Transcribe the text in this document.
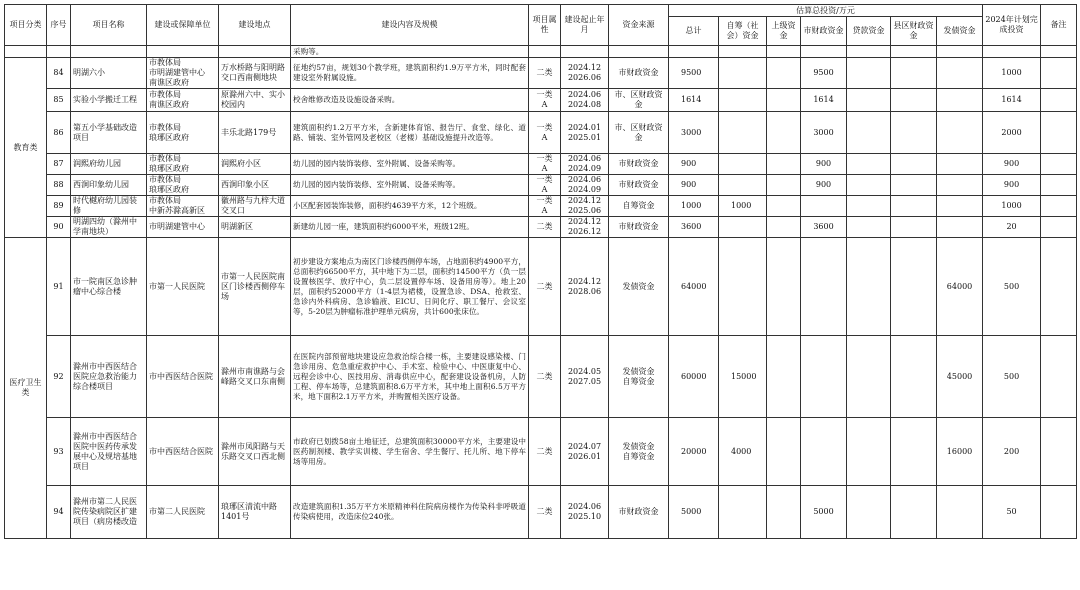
项目分类	序号	项目名称	建设或保障单位	建设地点	建设内容及规模	项目属性	建设起止年月	资金来源	估算总投资/万元							2024年计划完成投资	备注
									总计	自筹（社会）资金	上级资金	市财政资金	贷款资金	县区财政资金	发债资金		
					采购等。												
教育类	84	明湖六小	市教体局
市明湖建管中心
南谯区政府	万水桥路与阳明路交口西南侧地块	征地约57亩，规划30个教学班，建筑面积约1.9万平方米，同时配套建设室外附属设施。	二类	2024.12
2026.06	市财政资金	9500			9500				1000	
	85	实验小学搬迁工程	市教体局
南谯区政府	原滁州六中、实小校园内	校舍维修改造及设施设备采购。	一类
A	2024.06
2024.08	市、区财政资金	1614			1614				1614	
	86	第五小学基础改造项目	市教体局
琅琊区政府	丰乐北路179号	建筑面积约1.2万平方米，含新建体育馆、报告厅、食堂、绿化、道路、铺装、室外管网及老校区（老楼）基础设施提升改造等。	一类
A	2024.01
2025.01	市、区财政资金	3000			3000				2000	
	87	润熙府幼儿园	市教体局
琅琊区政府	润熙府小区	幼儿园的园内装饰装修、室外附属、设备采购等。	一类
A	2024.06
2024.09	市财政资金	900			900				900	
	88	西涧印象幼儿园	市教体局
琅琊区政府	西涧印象小区	幼儿园的园内装饰装修、室外附属、设备采购等。	一类
A	2024.06
2024.09	市财政资金	900			900				900	
	89	时代樾府幼儿园装修	市教体局
中新苏滁高新区	徽州路与九梓大道交叉口	小区配套园装饰装修，面积约4639平方米，12个班级。	一类
A	2024.12
2025.06	自筹资金	1000	1000						1000	
	90	明湖四幼（滁州中学南地块）	市明湖建管中心	明湖新区	新建幼儿园一座，建筑面积约6000平米，班级12班。	二类	2024.12
2026.12	市财政资金	3600			3600				20	
医疗卫生类	91	市一院南区急诊肿瘤中心综合楼	市第一人民医院	市第一人民医院南区门诊楼西侧停车场	初步建设方案地点为南区门诊楼西侧停车场，占地面积约4900平方，总面积约66500平方，其中地下为二层，面积约14500平方（负一层设置核医学、放疗中心，负二层设置停车场、设备用房等）。地上20层，面积约52000平方（1-4层为裙楼，设置急诊、DSA、抢救室、急诊内外科病房、急诊输液、EICU、日间化疗、职工餐厅、会议室等，5-20层为肿瘤标准护理单元病房，共计600张床位。	二类	2024.12
2028.06	发债资金	64000						64000	500	
	92	滁州市中西医结合医院应急救治能力综合楼项目	市中西医结合医院	滁州市南谯路与会峰路交叉口东南侧	在医院内部预留地块建设应急救治综合楼一栋，主要建设感染楼、门急诊用房、危急重症救护中心、手术室、检验中心、中医康复中心、远程会诊中心、医技用房、消毒供应中心，配套建设设备机房，人防工程、停车场等，总建筑面积8.6万平方米，其中地上面积6.5万平方米，地下面积2.1万平方米，并购置相关医疗设备。	二类	2024.05
2027.05	发债资金
自筹资金	60000	15000					45000	500	
	93	滁州市中西医结合医院中医药传承发展中心及规培基地项目	市中西医结合医院	滁州市凤阳路与天乐路交叉口西北侧	市政府已划拨58亩土地征迁，总建筑面积30000平方米，主要建设中医药制剂楼、教学实训楼、学生宿舍、学生餐厅、托儿所、地下停车场等用房。	二类	2024.07
2026.01	发债资金
自筹资金	20000	4000					16000	200	
	94	滁州市第二人民医院传染病院区扩建项目（病房楼改造	市第二人民医院	琅琊区清流中路1401号	改造建筑面积1.35万平方米原精神科住院病房楼作为传染科非呼吸道传染病使用，改造床位240张。	二类	2024.06
2025.10	市财政资金	5000			5000				50	
